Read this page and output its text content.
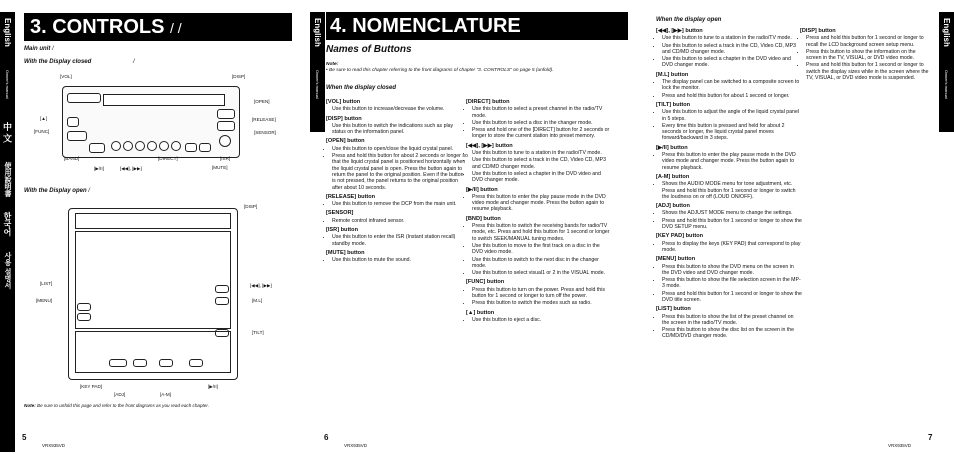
English
Owner's manual
中 文
使用說明書
한국어
사용 설명서
3. CONTROLS / /
Main unit /
With the Display closed	/
[VOL]	[DISP]
[OPEN]
[RELEASE]
[▲]
[FUNC]	[SENSOR]
[BAND]	[DIRECT]	[ISR]
[◀◀], [▶▶]	[MUTE]
[▶/II]
With the Display open /
[DISP]
[LIST]
[MENU]
[◀◀], [▶▶]
[M.L]
[TILT]
[KEY PAD]
[ADJ]	[A-M]
[▶/II]
Note: Be sure to unfold this page and refer to the front diagrams as you read each chapter.
5
VRX935VD
English
Owner's manual
4. NOMENCLATURE
Names of Buttons
Note:
• Be sure to read this chapter referring to the front diagrams of chapter "3. CONTROLS" on page 5 (unfold).
When the display closed
[VOL] button
• Use this button to increase/decrease the volume.
[DISP] button
• Use this button to switch the indications such as play status on the information panel.
[OPEN] button
• Use this button to open/close the liquid crystal panel.
• Press and hold this button for about 2 seconds or longer so that the liquid crystal panel is positioned horizontally when the liquid crystal panel is open. Press the button again to return the panel to the original position. Even if the button is not pressed, the panel returns to the original position after about 10 seconds.
[RELEASE] button
• Use this button to remove the DCP from the main unit.
[SENSOR]
• Remote control infrared sensor.
[ISR] button
• Use this button to enter the ISR (Instant station recall) standby mode.
[MUTE] button
• Use this button to mute the sound.
[DIRECT] button
• Use this button to select a preset channel in the radio/TV mode.
• Use this button to select a disc in the changer mode.
• Press and hold one of the [DIRECT] button for 2 seconds or longer to store the current station into preset memory.
[◀◀], [▶▶] button
• Use this button to tune to a station in the radio/TV mode.
• Use this button to select a track in the CD, Video CD, MP3 and CD/MD changer mode.
• Use this button to select a chapter in the DVD video and DVD changer mode.
[▶/II] button
• Press this button to enter the play pause mode in the DVD video mode and changer mode. Press the button again to resume playback.
[BND] button
• Press this button to switch the receiving bands for radio/TV mode, etc. Press and hold this button for 1 second or longer to switch SEEK/MANUAL tuning modes.
• Use this button to move to the first track on a disc in the DVD video mode.
• Use this button to switch to the next disc in the changer mode.
• Use this button to select visual1 or 2 in the VISUAL mode.
[FUNC] button
• Press this button to turn on the power. Press and hold this button for 1 second or longer to turn off the power.
• Press this button to switch the modes such as radio.
[▲] button
• Use this button to eject a disc.
6
VRX935VD
When the display open
[◀◀], [▶▶] button
• Use this button to tune to a station in the radio/TV mode.
• Use this button to select a track in the CD, Video CD, MP3 and CD/MD changer mode.
• Use this button to select a chapter in the DVD video and DVD changer mode.
[M.L] button
• The display panel can be switched to a composite screen to lock the monitor.
• Press and hold this button for about 1 second or longer.
[TILT] button
• Use this button to adjust the angle of the liquid crystal panel in 5 steps.
• Every time this button is pressed and held for about 2 seconds or longer, the liquid crystal panel moves forward/backward in 3 steps.
[▶/II] button
• Press this button to enter the play pause mode in the DVD video mode and changer mode. Press the button again to resume playback.
[A-M] button
• Shows the AUDIO MODE menu for tone adjustment, etc. Press and hold this button for 1 second or longer to switch the loudness on or off (LOUD ON/OFF).
[ADJ] button
• Shows the ADJUST MODE menu to change the settings.
• Press and hold this button for 1 second or longer to show the DVD SETUP menu.
[KEY PAD] button
• Press to display the keys (KEY PAD) that correspond to play mode.
[MENU] button
• Press this button to show the DVD menu on the screen in the DVD video and DVD changer mode.
• Press this button to show the file selection screen in the MP-3 mode.
• Press and hold this button for 1 second or longer to show the DVD title screen.
[LIST] button
• Press this button to show the list of the preset channel on the screen in the radio/TV mode.
• Press this button to show the disc list on the screen in the CD/MD/DVD changer mode.
[DISP] button
• Press and hold this button for 1 second or longer to recall the LCD background screen setup menu.
• Press this button to show the information on the screen in the TV, VISUAL, or DVD video mode.
• Press and hold this button for 1 second or longer to switch the display sizes while in the screen where the TV, VISUAL, or DVD video mode is suspended.
English
Owner's manual
VRX935VD
7
